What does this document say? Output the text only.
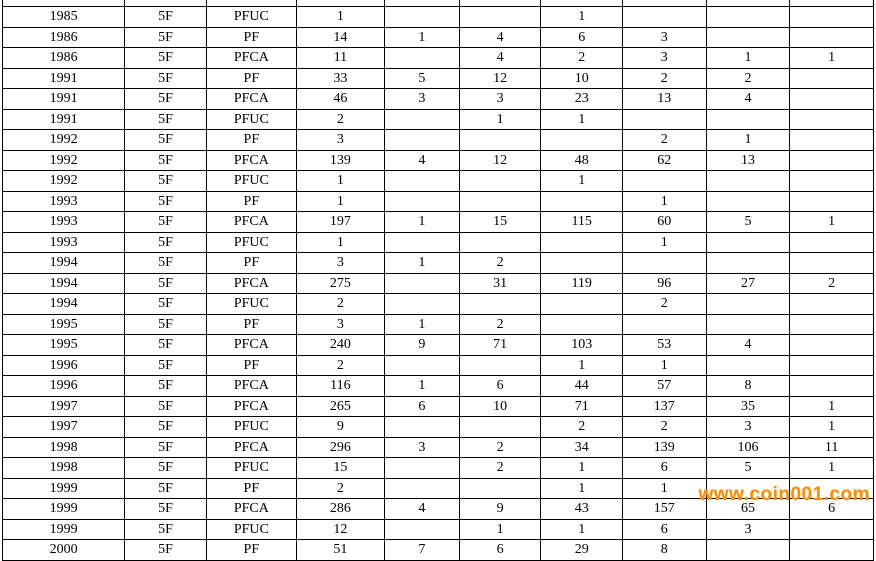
1985	5F	PFUC	1			1			
1986	5F	PF	14	1	4	6	3		
1986	5F	PFCA	11		4	2	3	1	1
1991	5F	PF	33	5	12	10	2	2	
1991	5F	PFCA	46	3	3	23	13	4	
1991	5F	PFUC	2		1	1			
1992	5F	PF	3				2	1	
1992	5F	PFCA	139	4	12	48	62	13	
1992	5F	PFUC	1			1			
1993	5F	PF	1				1		
1993	5F	PFCA	197	1	15	115	60	5	1
1993	5F	PFUC	1				1		
1994	5F	PF	3	1	2				
1994	5F	PFCA	275		31	119	96	27	2
1994	5F	PFUC	2				2		
1995	5F	PF	3	1	2				
1995	5F	PFCA	240	9	71	103	53	4	
1996	5F	PF	2			1	1		
1996	5F	PFCA	116	1	6	44	57	8	
1997	5F	PFCA	265	6	10	71	137	35	1
1997	5F	PFUC	9			2	2	3	1
1998	5F	PFCA	296	3	2	34	139	106	11
1998	5F	PFUC	15		2	1	6	5	1
1999	5F	PF	2			1	1		
1999	5F	PFCA	286	4	9	43	157	65	6
1999	5F	PFUC	12		1	1	6	3	
2000	5F	PF	51	7	6	29	8		
www.coin001.com
